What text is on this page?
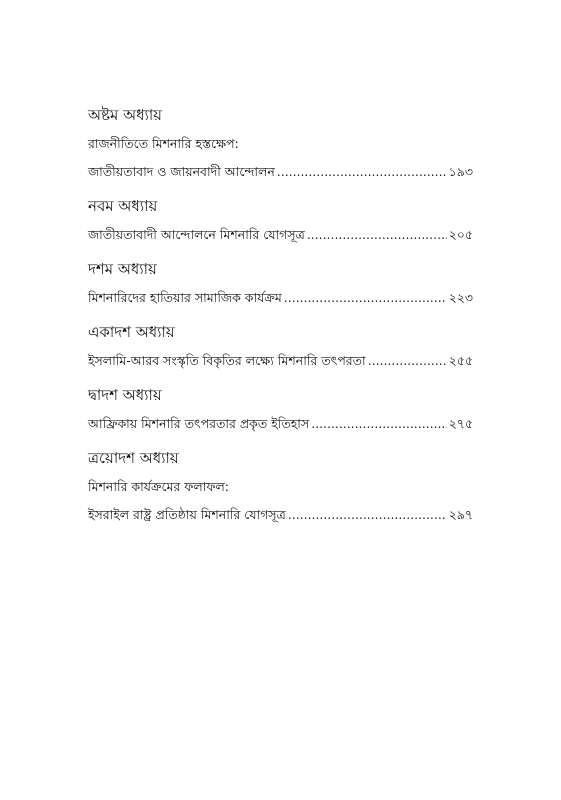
অষ্টম অধ্যায়
রাজনীতিতে মিশনারি হস্তক্ষেপ:
জাতীয়তাবাদ ও জায়নবাদী আন্দোলন . . .	১৯৩
নবম অধ্যায়
জাতীয়তাবাদী আন্দোলনে মিশনারি যোগসূত্র . . .	২০৫
দশম অধ্যায়
মিশনারিদের হাতিয়ার সামাজিক কার্যক্রম . . .	২২৩
একাদশ অধ্যায়
ইসলামি-আরব সংস্কৃতি বিকৃতির লক্ষ্যে মিশনারি তৎপরতা . . .	২৫৫
দ্বাদশ অধ্যায়
আফ্রিকায় মিশনারি তৎপরতার প্রকৃত ইতিহাস . . .	২৭৫
ত্রয়োদশ অধ্যায়
মিশনারি কার্যক্রমের ফলাফল:
ইসরাইল রাষ্ট্র প্রতিষ্ঠায় মিশনারি যোগসূত্র . . .	২৯৭
